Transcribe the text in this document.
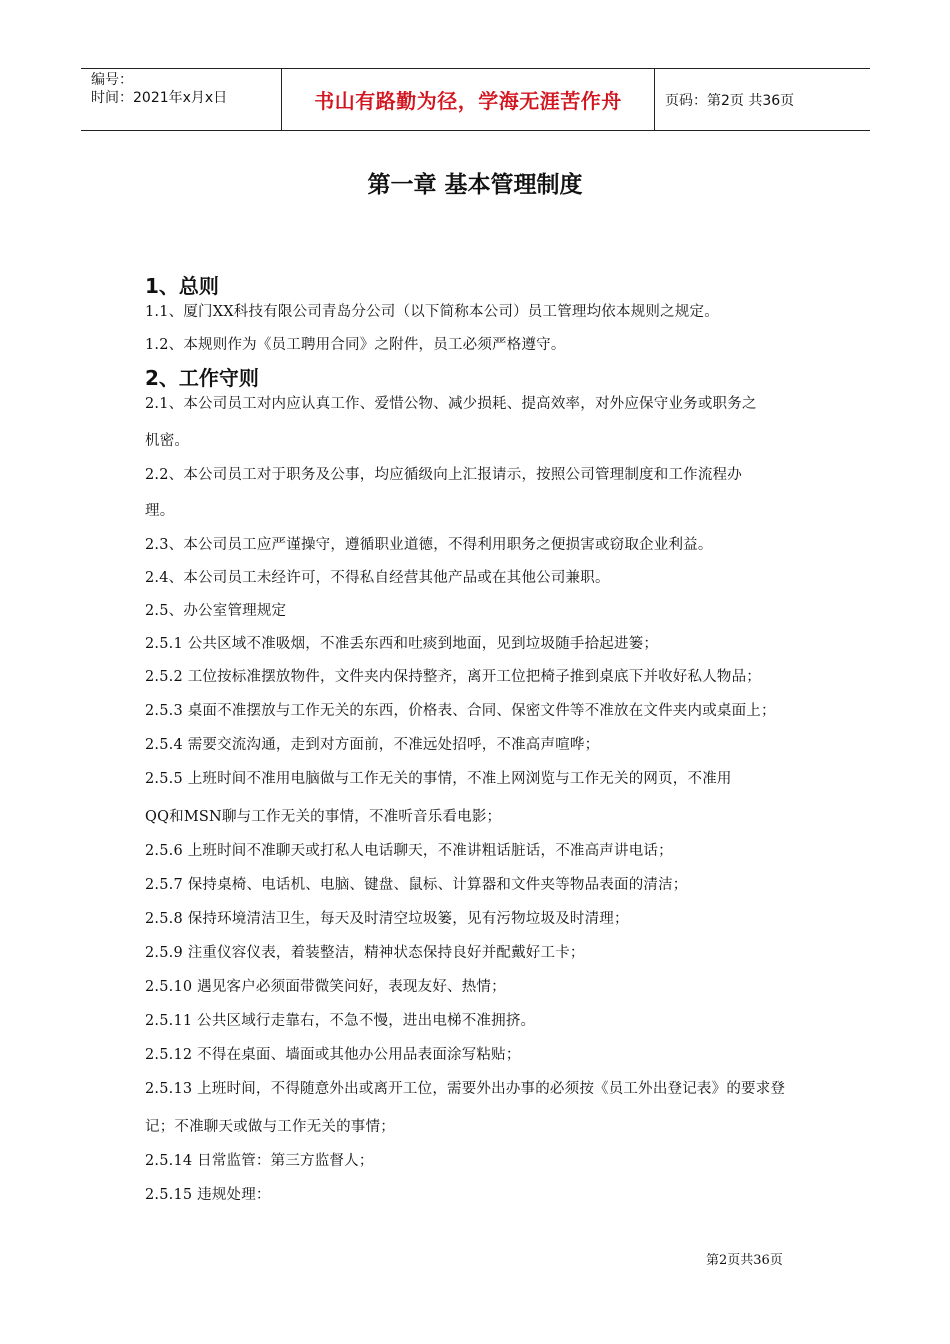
编号：
时间：2021年x月x日	书山有路勤为径，学海无涯苦作舟	页码：第2页 共36页
第一章 基本管理制度
1、总则
1.1、厦门XX科技有限公司青岛分公司（以下简称本公司）员工管理均依本规则之规定。
1.2、本规则作为《员工聘用合同》之附件，员工必须严格遵守。
2、工作守则
2.1、本公司员工对内应认真工作、爱惜公物、减少损耗、提高效率，对外应保守业务或职务之
机密。
2.2、本公司员工对于职务及公事，均应循级向上汇报请示，按照公司管理制度和工作流程办
理。
2.3、本公司员工应严谨操守，遵循职业道德，不得利用职务之便损害或窃取企业利益。
2.4、本公司员工未经许可，不得私自经营其他产品或在其他公司兼职。
2.5、办公室管理规定
2.5.1 公共区域不准吸烟，不准丢东西和吐痰到地面，见到垃圾随手拾起进篓；
2.5.2 工位按标准摆放物件，文件夹内保持整齐，离开工位把椅子推到桌底下并收好私人物品；
2.5.3 桌面不准摆放与工作无关的东西，价格表、合同、保密文件等不准放在文件夹内或桌面上；
2.5.4 需要交流沟通，走到对方面前，不准远处招呼，不准高声喧哗；
2.5.5 上班时间不准用电脑做与工作无关的事情，不准上网浏览与工作无关的网页，不准用
QQ和MSN聊与工作无关的事情，不准听音乐看电影；
2.5.6 上班时间不准聊天或打私人电话聊天，不准讲粗话脏话，不准高声讲电话；
2.5.7 保持桌椅、电话机、电脑、键盘、鼠标、计算器和文件夹等物品表面的清洁；
2.5.8 保持环境清洁卫生，每天及时清空垃圾篓，见有污物垃圾及时清理；
2.5.9 注重仪容仪表，着装整洁，精神状态保持良好并配戴好工卡；
2.5.10 遇见客户必须面带微笑问好，表现友好、热情；
2.5.11 公共区域行走靠右，不急不慢，进出电梯不准拥挤。
2.5.12 不得在桌面、墙面或其他办公用品表面涂写粘贴；
2.5.13 上班时间，不得随意外出或离开工位，需要外出办事的必须按《员工外出登记表》的要求登
记；不准聊天或做与工作无关的事情；
2.5.14 日常监管：第三方监督人；
2.5.15 违规处理：
第2页共36页
